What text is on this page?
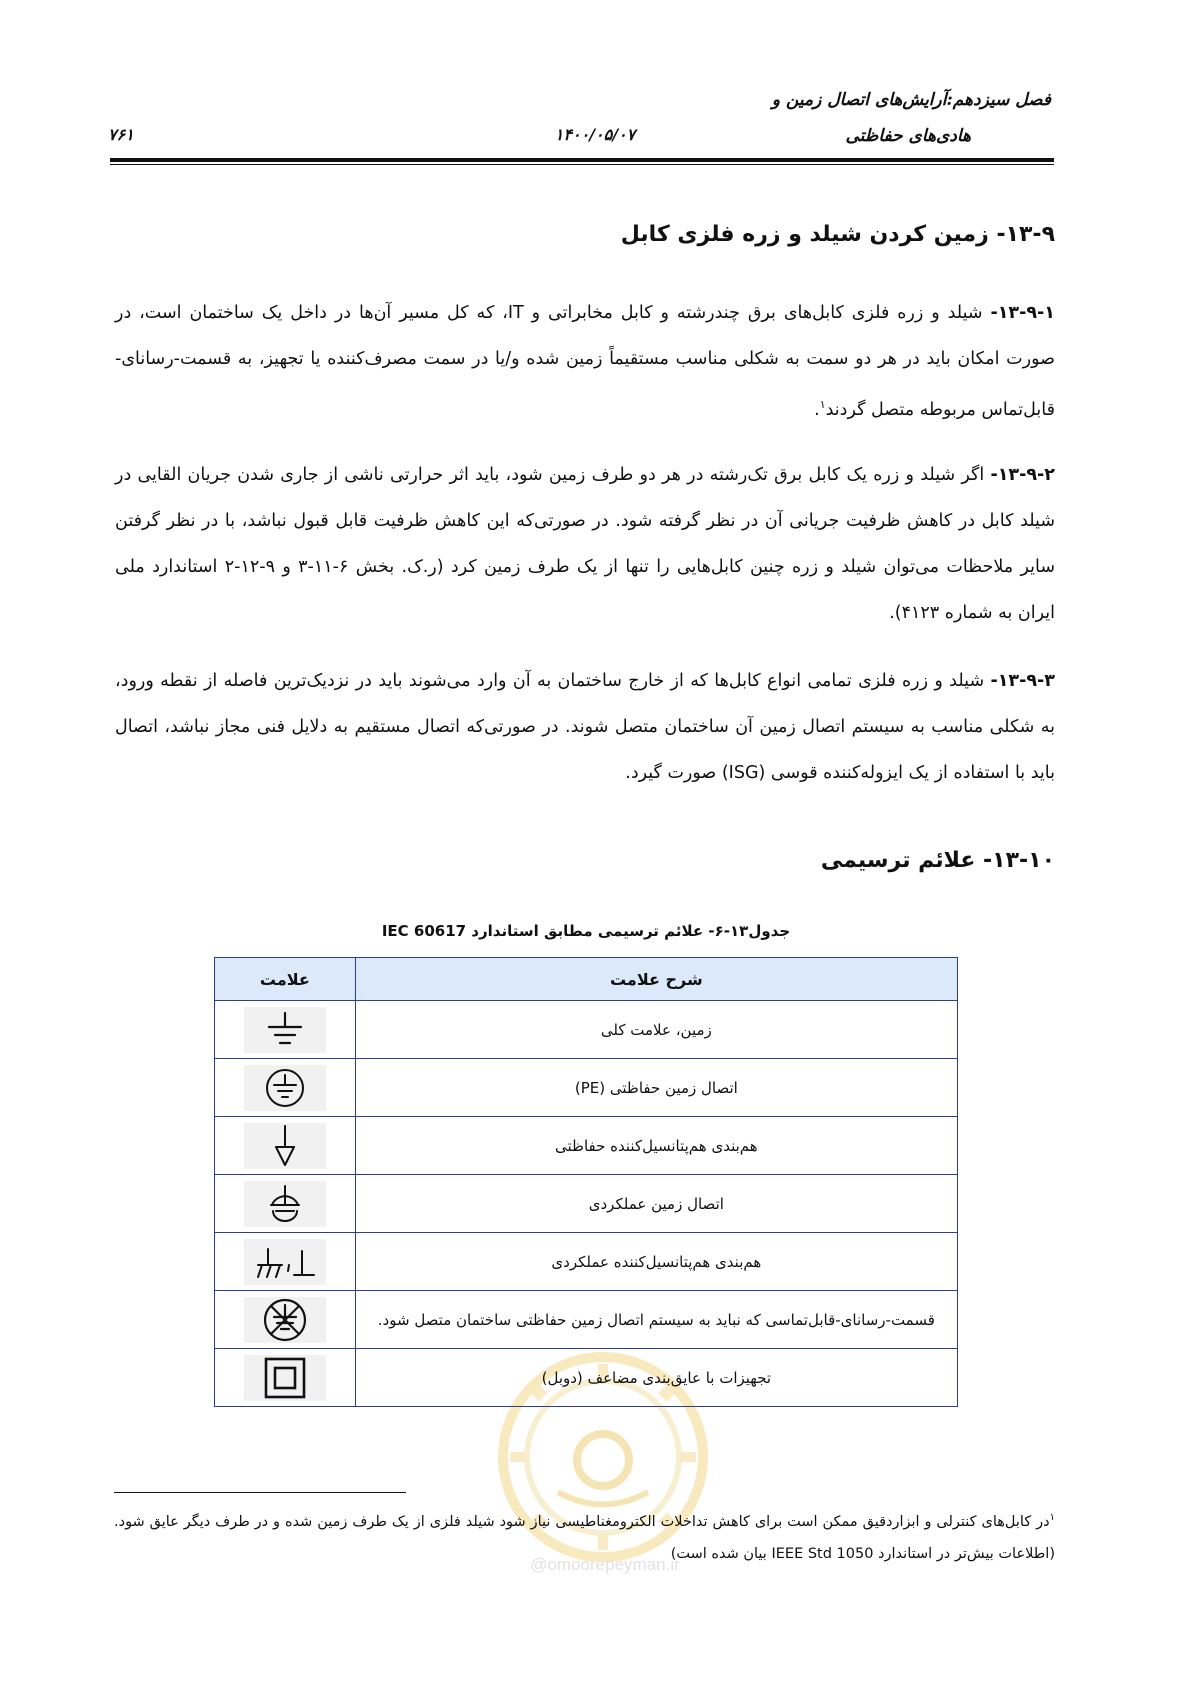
فصل سیزدهم:آرایش‌های اتصال زمین و
هادی‌های حفاظتی
۱۴۰۰/۰۵/۰۷
۷۶۱
۱۳-۹- زمین کردن شیلد و زره فلزی کابل
۱۳-۹-۱- شیلد و زره فلزی کابل‌های برق چندرشته و کابل مخابراتی و IT، که کل مسیر آن‌ها در داخل یک ساختمان است، در صورت امکان باید در هر دو سمت به شکلی مناسب مستقیماً زمین شده و/یا در سمت مصرف‌کننده یا تجهیز، به قسمت-رسانای-قابل‌تماس مربوطه متصل گردند$^۱$.
۱۳-۹-۲- اگر شیلد و زره یک کابل برق تک‌رشته در هر دو طرف زمین شود، باید اثر حرارتی ناشی از جاری شدن جریان القایی در شیلد کابل در کاهش ظرفیت جریانی آن در نظر گرفته شود. در صورتی‌که این کاهش ظرفیت قابل قبول نباشد، با در نظر گرفتن سایر ملاحظات می‌توان شیلد و زره چنین کابل‌هایی را تنها از یک طرف زمین کرد (ر.ک. بخش ۶-۱۱-۳ و ۹-۱۲-۲ استاندارد ملی ایران به شماره ۴۱۲۳).
۱۳-۹-۳- شیلد و زره فلزی تمامی انواع کابل‌ها که از خارج ساختمان به آن وارد می‌شوند باید در نزدیک‌ترین فاصله از نقطه ورود، به شکلی مناسب به سیستم اتصال زمین آن ساختمان متصل شوند. در صورتی‌که اتصال مستقیم به دلایل فنی مجاز نباشد، اتصال باید با استفاده از یک ایزوله‌کننده قوسی (ISG) صورت گیرد.
۱۳-۱۰- علائم ترسیمی
@omoorepeyman.ir
جدول۱۳-۶- علائم ترسیمی مطابق استاندارد IEC 60617
شرح علامت	علامت
زمین، علامت کلی	

اتصال زمین حفاظتی (PE)	

هم‌بندی هم‌پتانسیل‌کننده حفاظتی	

اتصال زمین عملکردی	

هم‌بندی هم‌پتانسیل‌کننده عملکردی	

قسمت-رسانای-قابل‌تماسی که نباید به سیستم اتصال زمین حفاظتی ساختمان متصل شود.	

تجهیزات با عایق‌بندی مضاعف (دوبل)	
$^۱$در کابل‌های کنترلی و ابزاردقیق ممکن است برای کاهش تداخلات الکترومغناطیسی نیاز شود شیلد فلزی از یک طرف زمین شده و در طرف دیگر عایق شود. (اطلاعات بیش‌تر در استاندارد IEEE Std 1050 بیان شده است)
